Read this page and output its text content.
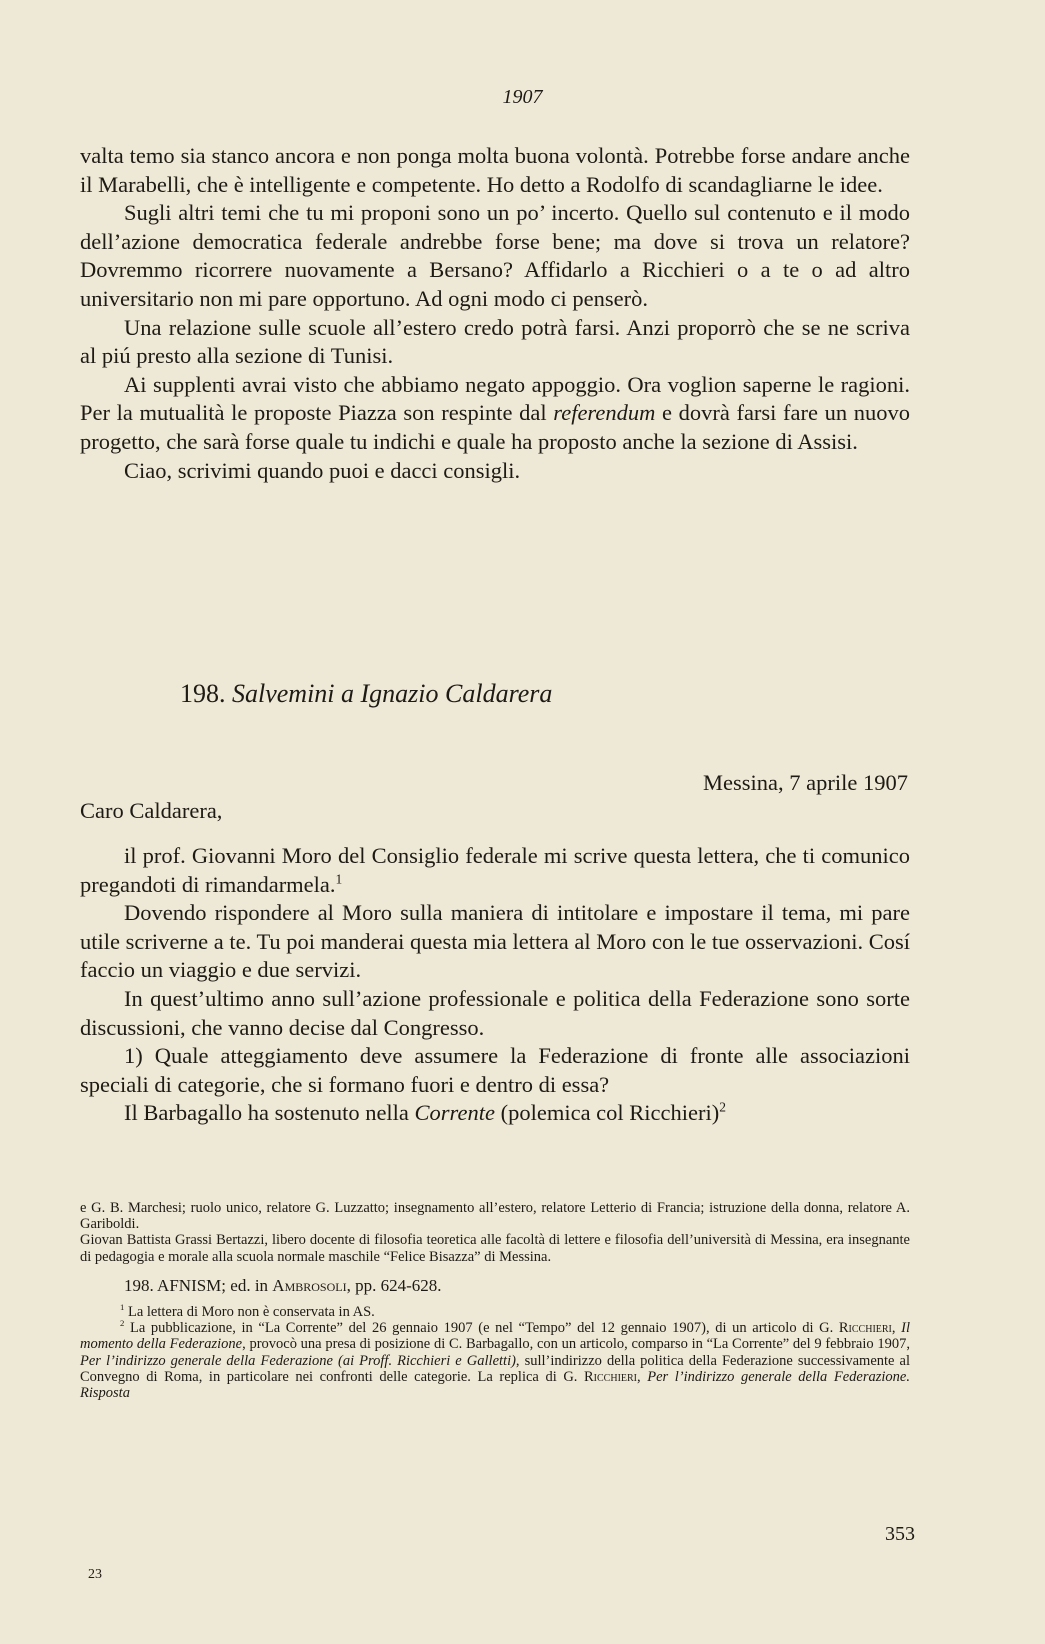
1907

valta temo sia stanco ancora e non ponga molta buona volontà. Potrebbe forse andare anche il Marabelli, che è intelligente e competente. Ho detto a Rodolfo di scandagliarne le idee.

Sugli altri temi che tu mi proponi sono un po’ incerto. Quello sul contenuto e il modo dell’azione democratica federale andrebbe forse bene; ma dove si trova un relatore? Dovremmo ricorrere nuovamente a Bersano? Affidarlo a Ricchieri o a te o ad altro universitario non mi pare opportuno. Ad ogni modo ci penserò.

Una relazione sulle scuole all’estero credo potrà farsi. Anzi proporrò che se ne scriva al piú presto alla sezione di Tunisi.

Ai supplenti avrai visto che abbiamo negato appoggio. Ora voglion saperne le ragioni. Per la mutualità le proposte Piazza son respinte dal referendum e dovrà farsi fare un nuovo progetto, che sarà forse quale tu indichi e quale ha proposto anche la sezione di Assisi.

Ciao, scrivimi quando puoi e dacci consigli.

198. Salvemini a Ignazio Caldarera
Messina, 7 aprile 1907
Caro Caldarera,

il prof. Giovanni Moro del Consiglio federale mi scrive questa lettera, che ti comunico pregandoti di rimandarmela.$^1$

Dovendo rispondere al Moro sulla maniera di intitolare e impostare il tema, mi pare utile scriverne a te. Tu poi manderai questa mia lettera al Moro con le tue osservazioni. Cosí faccio un viaggio e due servizi.

In quest’ultimo anno sull’azione professionale e politica della Federazione sono sorte discussioni, che vanno decise dal Congresso.

1) Quale atteggiamento deve assumere la Federazione di fronte alle associazioni speciali di categorie, che si formano fuori e dentro di essa?

Il Barbagallo ha sostenuto nella Corrente (polemica col Ricchieri)$^2$

e G. B. Marchesi; ruolo unico, relatore G. Luzzatto; insegnamento all’estero, relatore Letterio di Francia; istruzione della donna, relatore A. Gariboldi.

Giovan Battista Grassi Bertazzi, libero docente di filosofia teoretica alle facoltà di lettere e filosofia dell’università di Messina, era insegnante di pedagogia e morale alla scuola normale maschile “Felice Bisazza” di Messina.

198. AFNISM; ed. in Ambrosoli, pp. 624-628.

$^1$ La lettera di Moro non è conservata in AS.

$^2$ La pubblicazione, in “La Corrente” del 26 gennaio 1907 (e nel “Tempo” del 12 gennaio 1907), di un articolo di G. Ricchieri, Il momento della Federazione, provocò una presa di posizione di C. Barbagallo, con un articolo, comparso in “La Corrente” del 9 febbraio 1907, Per l’indirizzo generale della Federazione (ai Proff. Ricchieri e Galletti), sull’indirizzo della politica della Federazione successivamente al Convegno di Roma, in particolare nei confronti delle categorie. La replica di G. Ricchieri, Per l’indirizzo generale della Federazione. Risposta

353
23
